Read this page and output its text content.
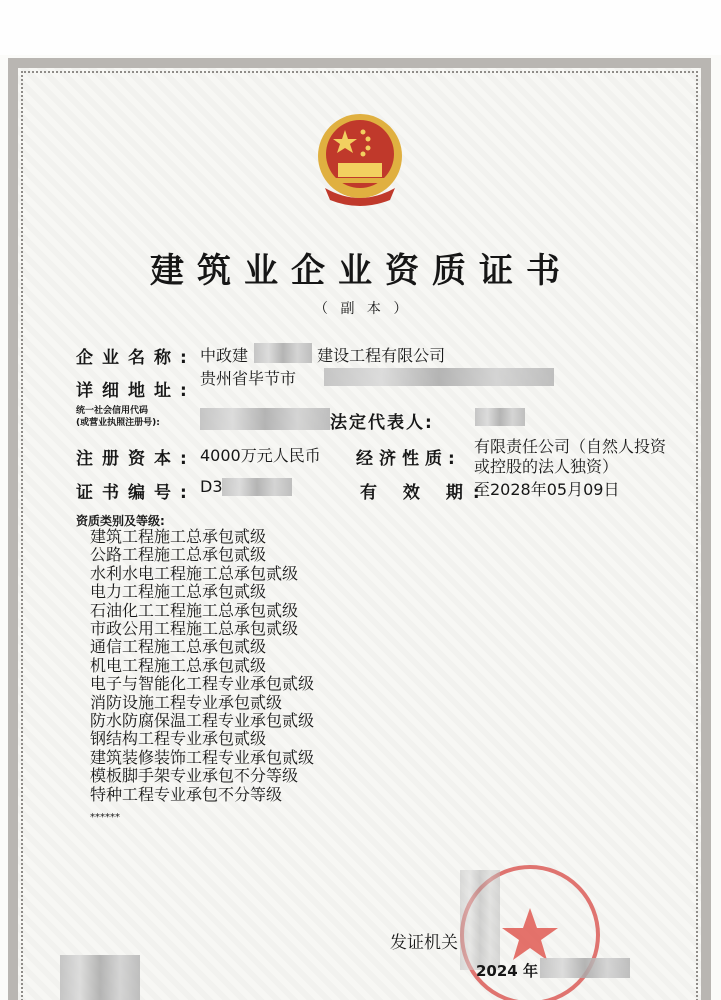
建筑业企业资质证书
（ 副 本 ）
企业名称: 中政建 建设工程有限公司
详细地址:
贵州省毕节市
统一社会信用代码
(或营业执照注册号):	法定代表人:
注册资本: 4000万元人民币 经济性质:
有限责任公司（自然人投资
或控股的法人独资）
证书编号: D3	有 效 期:
至2028年05月09日
资质类别及等级:
建筑工程施工总承包贰级
公路工程施工总承包贰级
水利水电工程施工总承包贰级
电力工程施工总承包贰级
石油化工工程施工总承包贰级
市政公用工程施工总承包贰级
通信工程施工总承包贰级
机电工程施工总承包贰级
电子与智能化工程专业承包贰级
消防设施工程专业承包贰级
防水防腐保温工程专业承包贰级
钢结构工程专业承包贰级
建筑装修装饰工程专业承包贰级
模板脚手架专业承包不分等级
特种工程专业承包不分等级
******
发证机关
2024 年
